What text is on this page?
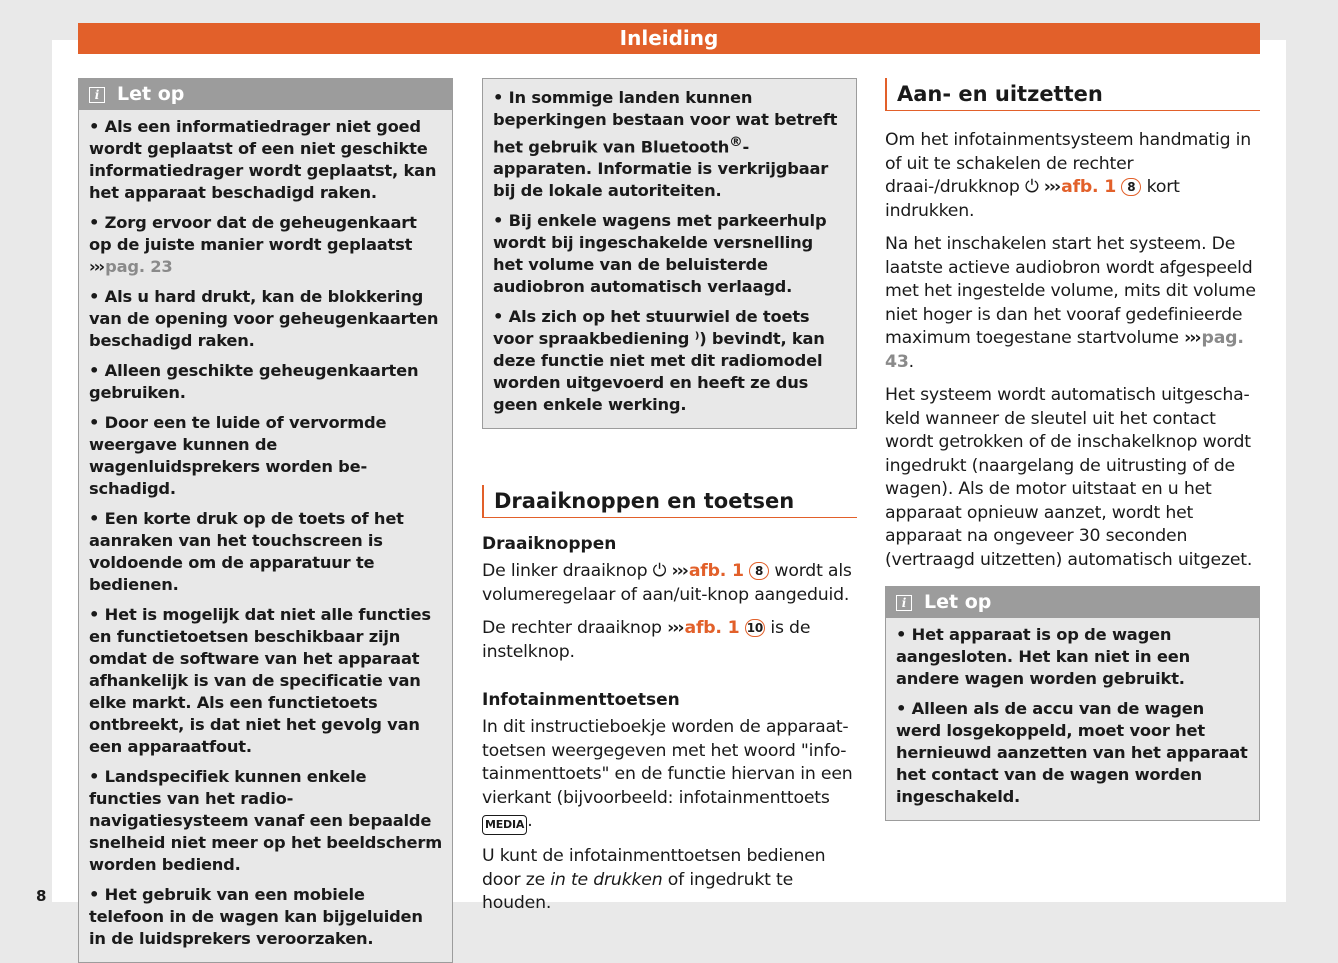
Inleiding
i Let op

• Als een informatiedrager niet goed wordt geplaatst of een niet geschikte informatiedrager wordt geplaatst, kan het apparaat beschadigd raken.

• Zorg ervoor dat de geheugenkaart op de juiste manier wordt geplaatst ››› pag. 23

• Als u hard drukt, kan de blokkering van de opening voor geheugenkaarten beschadigd raken.

• Alleen geschikte geheugenkaarten gebruiken.

• Door een te luide of vervormde weergave kunnen de wagenluidsprekers worden beschadigd.

• Een korte druk op de toets of het aanraken van het touchscreen is voldoende om de apparatuur te bedienen.

• Het is mogelijk dat niet alle functies en functietoetsen beschikbaar zijn omdat de software van het apparaat afhankelijk is van de specificatie van elke markt. Als een functietoets ontbreekt, is dat niet het gevolg van een apparaatfout.

• Landspecifiek kunnen enkele functies van het radio-navigatiesysteem vanaf een bepaalde snelheid niet meer op het beeldscherm worden bediend.

• Het gebruik van een mobiele telefoon in de wagen kan bijgeluiden in de luidsprekers veroorzaken.

• In sommige landen kunnen beperkingen bestaan voor wat betreft het gebruik van Bluetooth®-apparaten. Informatie is verkrijgbaar bij de lokale autoriteiten.

• Bij enkele wagens met parkeerhulp wordt bij ingeschakelde versnelling het volume van de beluisterde audiobron automatisch verlaagd.

• Als zich op het stuurwiel de toets voor spraakbediening ⁾) bevindt, kan deze functie niet met dit radiomodel worden uitgevoerd en heeft ze dus geen enkele werking.

Draaiknoppen en toetsen
Draaiknoppen

De linker draaiknop ⏻ ››› afb. 1 8 wordt als volumeregelaar of aan/uit-knop aangeduid.

De rechter draaiknop ››› afb. 1 10 is de instelknop.

Infotainmenttoetsen

In dit instructieboekje worden de apparaattoetsen weergegeven met het woord "infotainmenttoets" en de functie hiervan in een vierkant (bijvoorbeeld: infotainmenttoets MEDIA .

U kunt de infotainmenttoetsen bedienen door ze in te drukken of ingedrukt te houden.

Aan- en uitzetten

Om het infotainmentsysteem handmatig in of uit te schakelen de rechter draai-/drukknop ⏻ ››› afb. 1 8 kort indrukken.

Na het inschakelen start het systeem. De laatste actieve audiobron wordt afgespeeld met het ingestelde volume, mits dit volume niet hoger is dan het vooraf gedefinieerde maximum toegestane startvolume ››› pag. 43.

Het systeem wordt automatisch uitgeschakeld wanneer de sleutel uit het contact wordt getrokken of de inschakelknop wordt ingedrukt (naargelang de uitrusting of de wagen). Als de motor uitstaat en u het apparaat opnieuw aanzet, wordt het apparaat na ongeveer 30 seconden (vertraagd uitzetten) automatisch uitgezet.

i Let op

• Het apparaat is op de wagen aangesloten. Het kan niet in een andere wagen worden gebruikt.

• Alleen als de accu van de wagen werd losgekoppeld, moet voor het hernieuwd aanzetten van het apparaat het contact van de wagen worden ingeschakeld.

8
